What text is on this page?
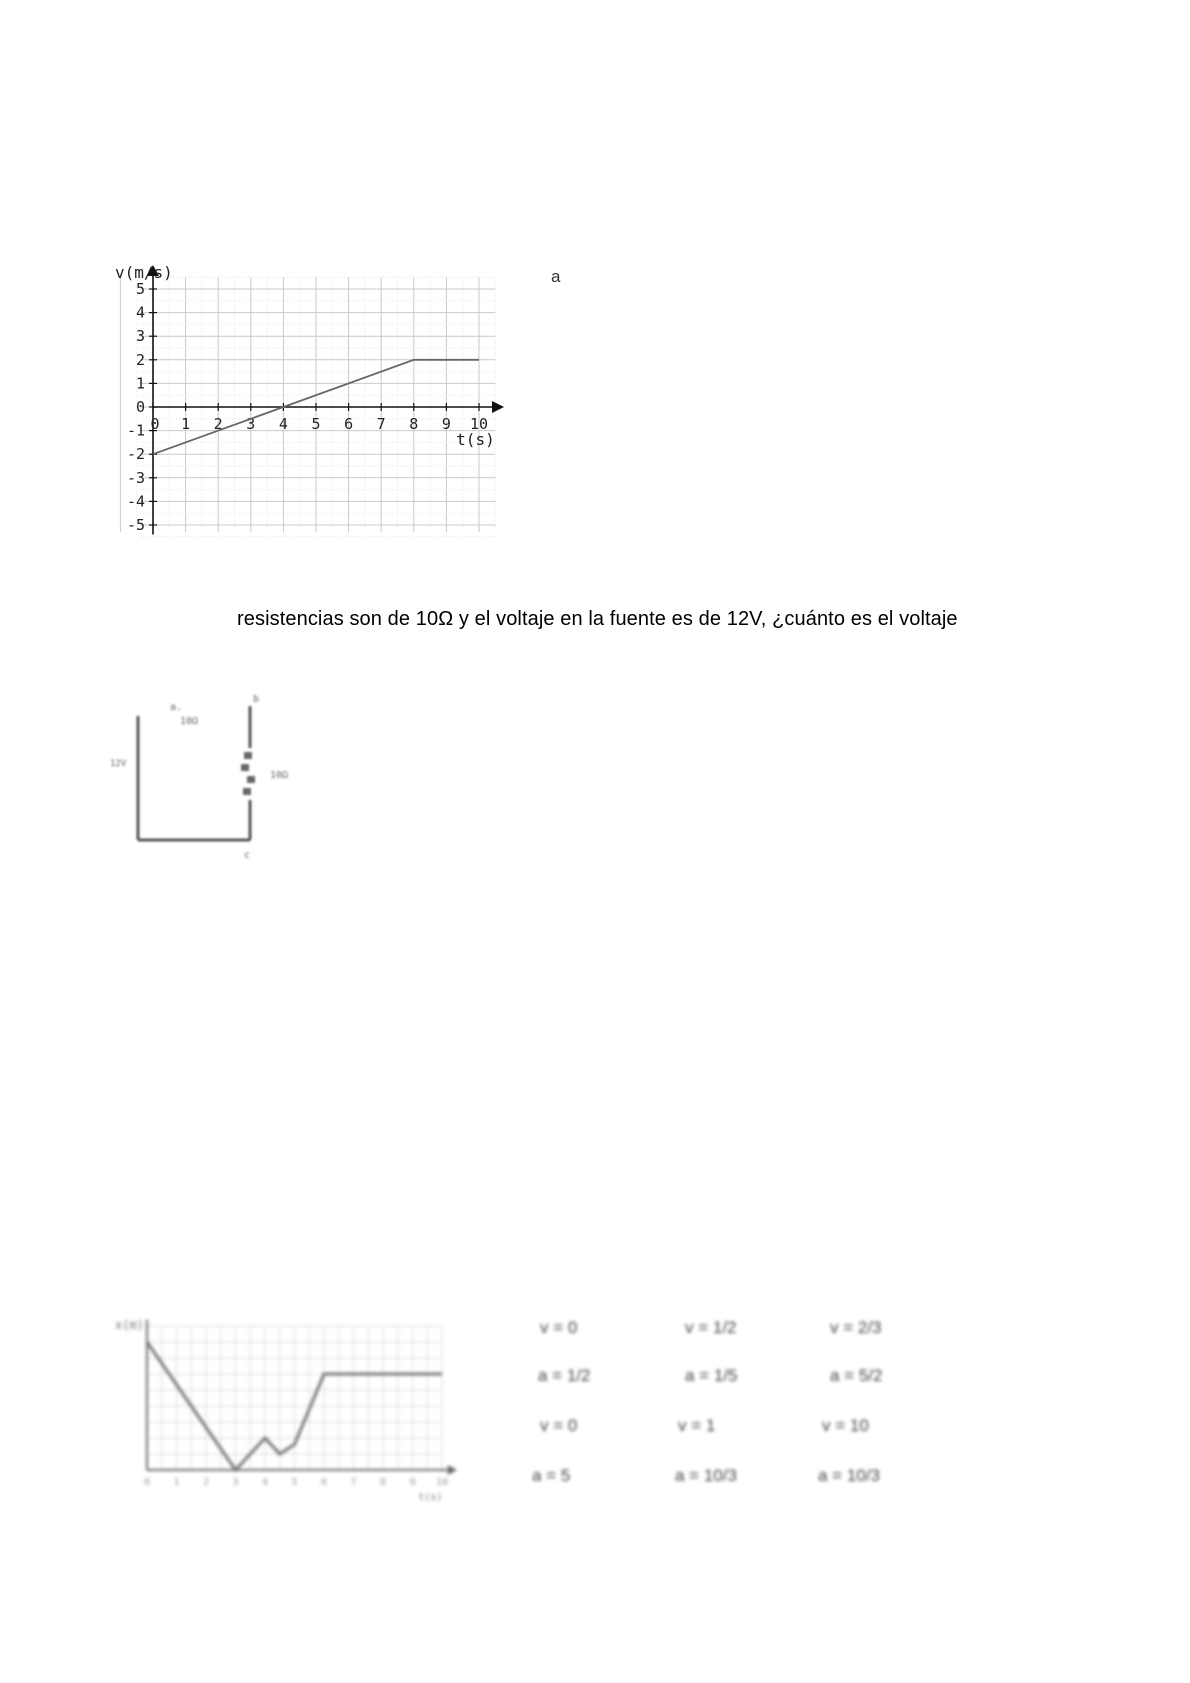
5
4
3
2
1
0
-1
-2
-3
-4
-5
0 1 2 3 4 5 6 7 8 9 10
v(m/s)
t(s)
a
resistencias son de 10Ω y el voltaje en la fuente es de 12V, ¿cuánto es el voltaje
a.
10Ω
b
12V
10Ω
c
x(m)
t(s)
0 1 2 3 4 5 6 7 8 9 10
v = 0	v = 1/2	v = 2/3
a = 1/2	a = 1/5	a = 5/2
v = 0	v = 1	v = 10
a = 5	a = 10/3	a = 10/3
